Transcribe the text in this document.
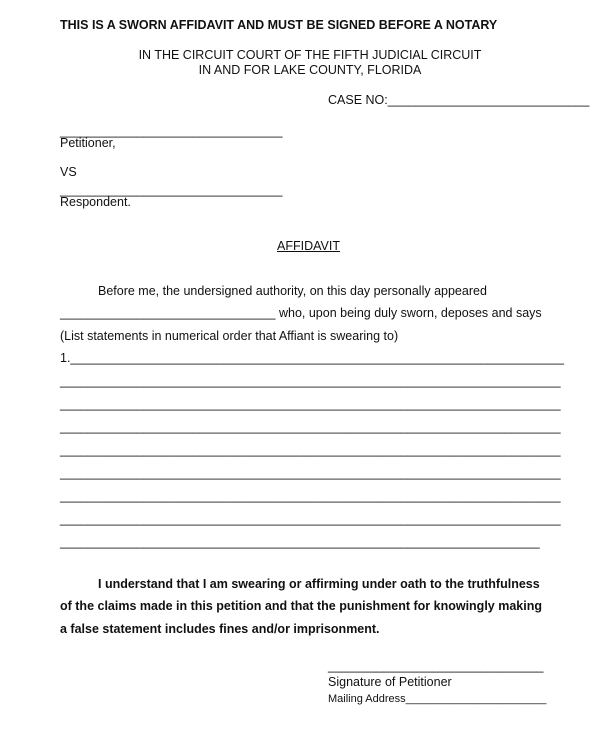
THIS IS A SWORN AFFIDAVIT AND MUST BE SIGNED BEFORE A NOTARY
IN THE CIRCUIT COURT OF THE FIFTH JUDICIAL CIRCUIT
IN AND FOR LAKE COUNTY, FLORIDA
CASE NO:_____________________________
________________________________
Petitioner,
VS
________________________________
Respondent.
AFFIDAVIT
Before me, the undersigned authority, on this day personally appeared
_______________________________ who, upon being duly sworn, deposes and says
(List statements in numerical order that Affiant is swearing to)
1._______________________________________________________________________
________________________________________________________________________
________________________________________________________________________
________________________________________________________________________
________________________________________________________________________
________________________________________________________________________
________________________________________________________________________
________________________________________________________________________
_____________________________________________________________________
I understand that I am swearing or affirming under oath to the truthfulness
of the claims made in this petition and that the punishment for knowingly making
a false statement includes fines and/or imprisonment.
_______________________________
Signature of Petitioner
Mailing Address_______________________
